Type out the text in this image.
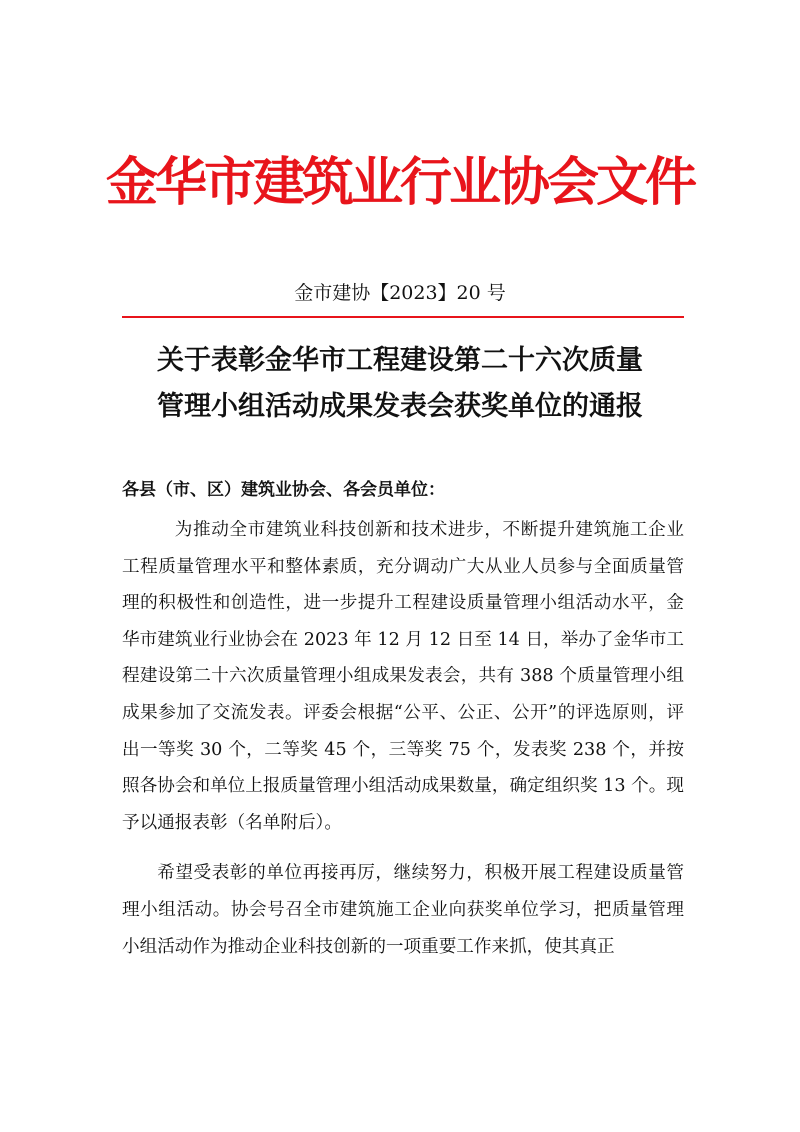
金华市建筑业行业协会文件
金市建协【2023】20 号
关于表彰金华市工程建设第二十六次质量
管理小组活动成果发表会获奖单位的通报
各县（市、区）建筑业协会、各会员单位：

为推动全市建筑业科技创新和技术进步，不断提升建筑施工企业工程质量管理水平和整体素质，充分调动广大从业人员参与全面质量管理的积极性和创造性，进一步提升工程建设质量管理小组活动水平，金华市建筑业行业协会在 2023 年 12 月 12 日至 14 日，举办了金华市工程建设第二十六次质量管理小组成果发表会，共有 388 个质量管理小组成果参加了交流发表。评委会根据“公平、公正、公开”的评选原则，评出一等奖 30 个，二等奖 45 个，三等奖 75 个，发表奖 238 个，并按照各协会和单位上报质量管理小组活动成果数量，确定组织奖 13 个。现予以通报表彰（名单附后）。

希望受表彰的单位再接再厉，继续努力，积极开展工程建设质量管理小组活动。协会号召全市建筑施工企业向获奖单位学习，把质量管理小组活动作为推动企业科技创新的一项重要工作来抓，使其真正
